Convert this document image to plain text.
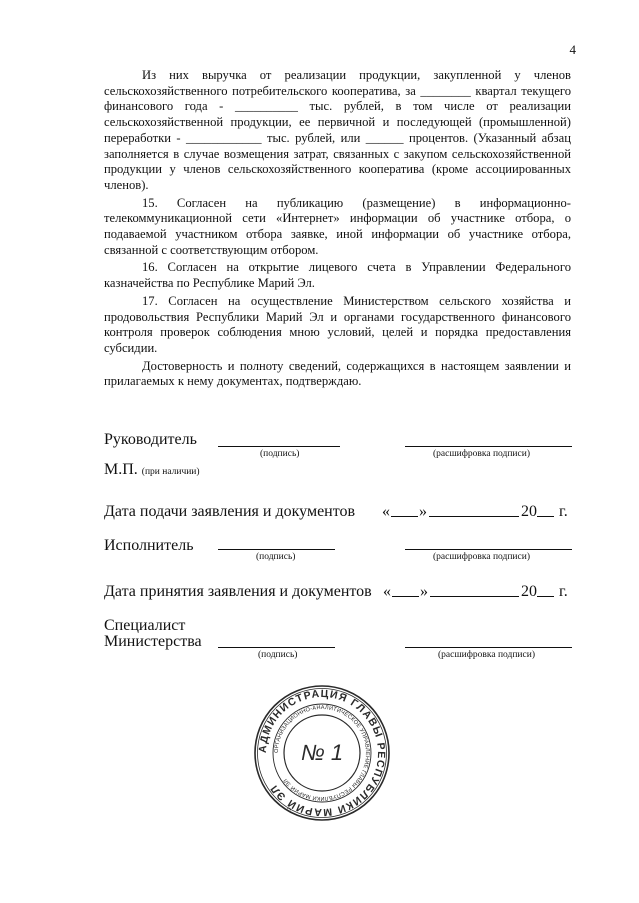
4

Из них выручка от реализации продукции, закупленной у членов сельскохозяйственного потребительского кооператива, за ________ квартал текущего финансового года - __________ тыс. рублей, в том числе от реализации сельскохозяйственной продукции, ее первичной и последующей (промышленной) переработки - ____________ тыс. рублей, или ______ процентов. (Указанный абзац заполняется в случае возмещения затрат, связанных с закупом сельскохозяйственной продукции у членов сельскохозяйственного кооператива (кроме ассоциированных членов).

15. Согласен на публикацию (размещение) в информационно-телекоммуникационной сети «Интернет» информации об участнике отбора, о подаваемой участником отбора заявке, иной информации об участнике отбора, связанной с соответствующим отбором.

16. Согласен на открытие лицевого счета в Управлении Федерального казначейства по Республике Марий Эл.

17. Согласен на осуществление Министерством сельского хозяйства и продовольствия Республики Марий Эл и органами государственного финансового контроля проверок соблюдения мною условий, целей и порядка предоставления субсидии.

Достоверность и полноту сведений, содержащихся в настоящем заявлении и прилагаемых к нему документах, подтверждаю.

Руководитель
(подпись)	(расшифровка подписи)
М.П. (при наличии)
Дата подачи заявления и документов « »	20 г.
Исполнитель
(подпись)	(расшифровка подписи)
Дата принятия заявления и документов « »	20 г.
Специалист
Министерства
(подпись)	(расшифровка подписи)
АДМИНИСТРАЦИЯ ГЛАВЫ РЕСПУБЛИКИ МАРИЙ ЭЛ
ОРГАНИЗАЦИОННО-АНАЛИТИЧЕСКОЕ УПРАВЛЕНИЕ ГЛАВЫ РЕСПУБЛИКИ МАРИЙ ЭЛ
№ 1
